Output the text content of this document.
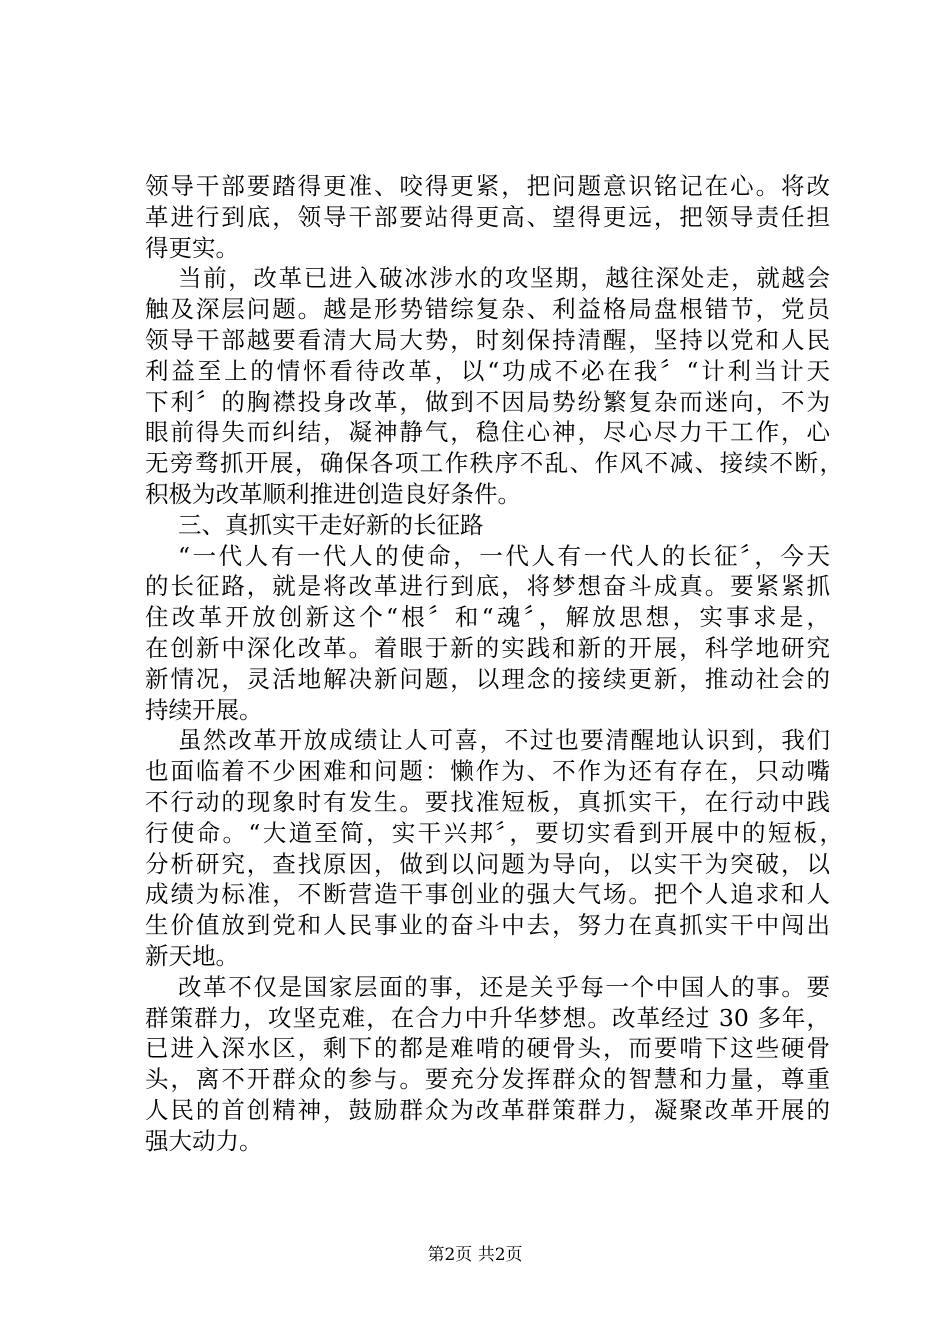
领导干部要踏得更准、咬得更紧，把问题意识铭记在心。将改
革进行到底，领导干部要站得更高、望得更远，把领导责任担
得更实。
当前，改革已进入破冰涉水的攻坚期，越往深处走，就越会
触及深层问题。越是形势错综复杂、利益格局盘根错节，党员
领导干部越要看清大局大势，时刻保持清醒，坚持以党和人民
利益至上的情怀看待改革，以“功成不必在我〞“计利当计天
下利〞的胸襟投身改革，做到不因局势纷繁复杂而迷向，不为
眼前得失而纠结，凝神静气，稳住心神，尽心尽力干工作，心
无旁骛抓开展，确保各项工作秩序不乱、作风不减、接续不断，
积极为改革顺利推进创造良好条件。
三、真抓实干走好新的长征路
“一代人有一代人的使命，一代人有一代人的长征〞，今天
的长征路，就是将改革进行到底，将梦想奋斗成真。要紧紧抓
住改革开放创新这个“根〞和“魂〞，解放思想，实事求是，
在创新中深化改革。着眼于新的实践和新的开展，科学地研究
新情况，灵活地解决新问题，以理念的接续更新，推动社会的
持续开展。
虽然改革开放成绩让人可喜，不过也要清醒地认识到，我们
也面临着不少困难和问题：懒作为、不作为还有存在，只动嘴
不行动的现象时有发生。要找准短板，真抓实干，在行动中践
行使命。“大道至简，实干兴邦〞，要切实看到开展中的短板，
分析研究，查找原因，做到以问题为导向，以实干为突破，以
成绩为标准，不断营造干事创业的强大气场。把个人追求和人
生价值放到党和人民事业的奋斗中去，努力在真抓实干中闯出
新天地。
改革不仅是国家层面的事，还是关乎每一个中国人的事。要
群策群力，攻坚克难，在合力中升华梦想。改革经过 30 多年，
已进入深水区，剩下的都是难啃的硬骨头，而要啃下这些硬骨
头，离不开群众的参与。要充分发挥群众的智慧和力量，尊重
人民的首创精神，鼓励群众为改革群策群力，凝聚改革开展的
强大动力。
第2页 共2页
